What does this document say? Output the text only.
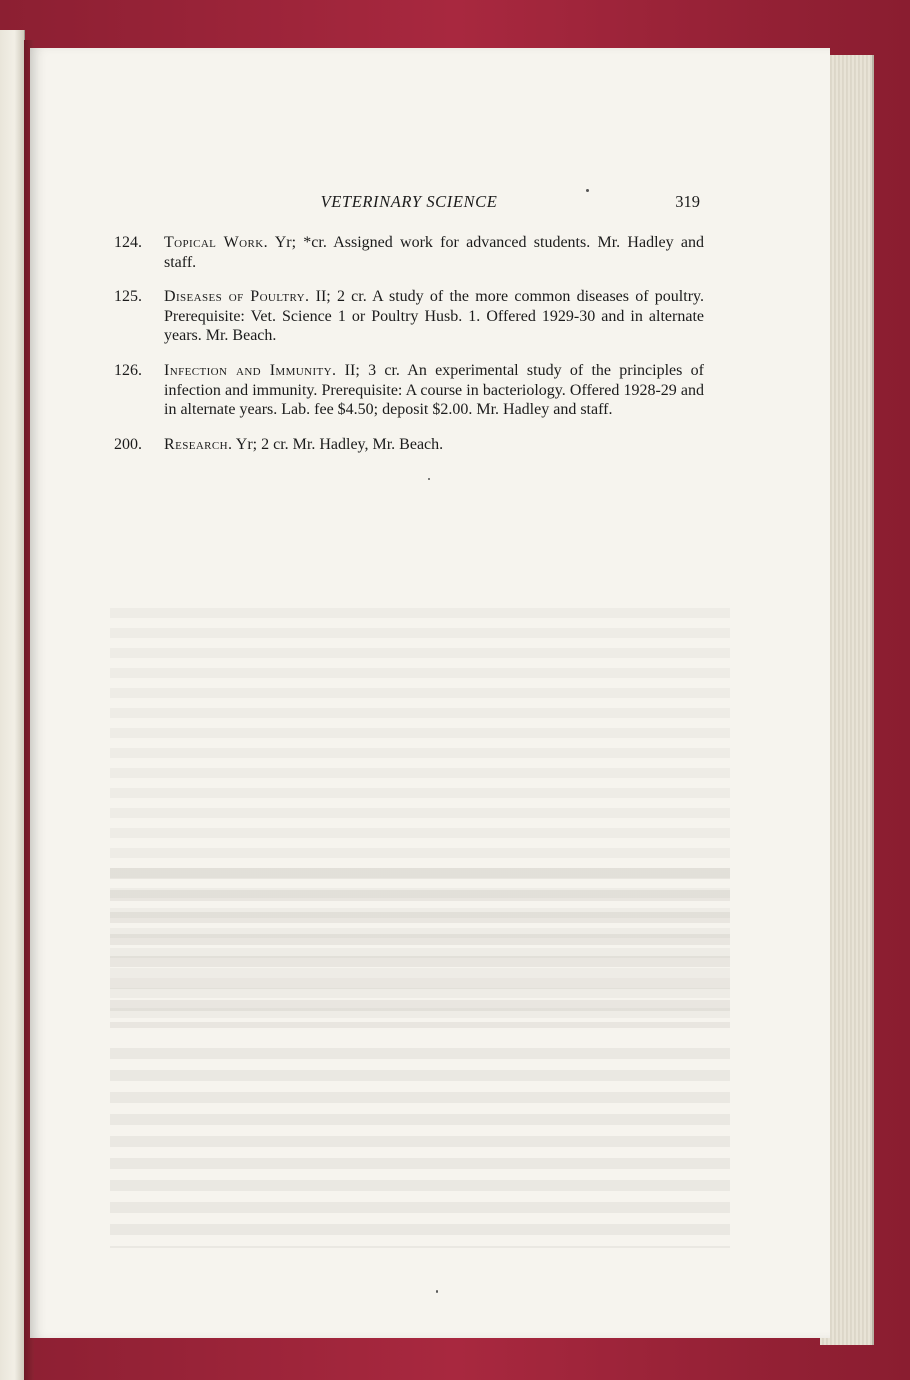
VETERINARY SCIENCE	319
124. Topical Work. Yr; *cr. Assigned work for advanced students. Mr. Hadley and staff.
125. Diseases of Poultry. II; 2 cr. A study of the more common diseases of poultry. Prerequisite: Vet. Science 1 or Poultry Husb. 1. Offered 1929-30 and in alternate years. Mr. Beach.
126. Infection and Immunity. II; 3 cr. An experimental study of the principles of infection and immunity. Prerequisite: A course in bacteriology. Offered 1928-29 and in alternate years. Lab. fee $4.50; deposit $2.00. Mr. Hadley and staff.
200. Research. Yr; 2 cr. Mr. Hadley, Mr. Beach.
